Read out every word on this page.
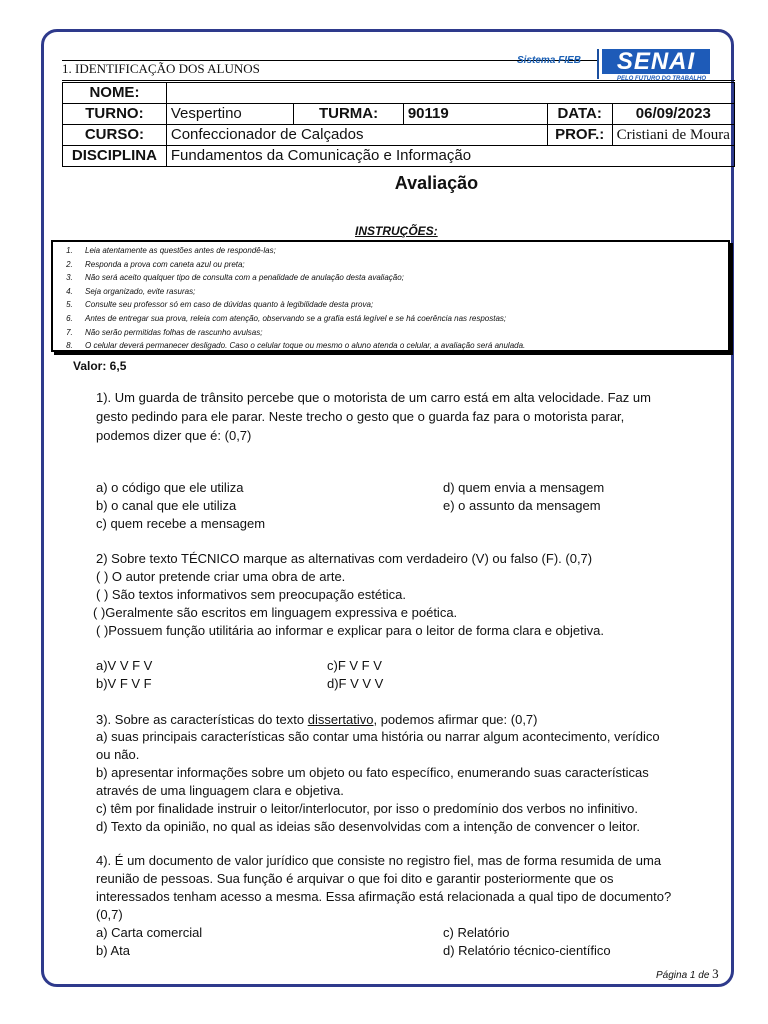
1. IDENTIFICAÇÃO DOS ALUNOS
Sistema FIEB	SENAI
PELO FUTURO DO TRABALHO
NOME:					
TURNO:	Vespertino	TURMA:	90119	DATA:	06/09/2023
CURSO:	Confeccionador de Calçados			PROF.:	Cristiani de Moura
DISCIPLINA	Fundamentos da Comunicação e Informação				
Avaliação
INSTRUÇÕES:
1. Leia atentamente as questões antes de respondê-las;
2. Responda a prova com caneta azul ou preta;
3. Não será aceito qualquer tipo de consulta com a penalidade de anulação desta avaliação;
4. Seja organizado, evite rasuras;
5. Consulte seu professor só em caso de dúvidas quanto à legibilidade desta prova;
6. Antes de entregar sua prova, releia com atenção, observando se a grafia está legível e se há coerência nas respostas;
7. Não serão permitidas folhas de rascunho avulsas;
8. O celular deverá permanecer desligado. Caso o celular toque ou mesmo o aluno atenda o celular, a avaliação será anulada.
Valor: 6,5
1). Um guarda de trânsito percebe que o motorista de um carro está em alta velocidade. Faz um
gesto pedindo para ele parar. Neste trecho o gesto que o guarda faz para o motorista parar,
podemos dizer que é: (0,7)
a) o código que ele utiliza
b) o canal que ele utiliza
c) quem recebe a mensagem
d) quem envia a mensagem
e) o assunto da mensagem
2) Sobre texto TÉCNICO marque as alternativas com verdadeiro (V) ou falso (F). (0,7)
( ) O autor pretende criar uma obra de arte.
( ) São textos informativos sem preocupação estética.
( )Geralmente são escritos em linguagem expressiva e poética.
( )Possuem função utilitária ao informar e explicar para o leitor de forma clara e objetiva.
a)V V F V
b)V F V F
c)F V F V
d)F V V V
3). Sobre as características do texto dissertativo, podemos afirmar que: (0,7)
a) suas principais características são contar uma história ou narrar algum acontecimento, verídico
ou não.
b) apresentar informações sobre um objeto ou fato específico, enumerando suas características
através de uma linguagem clara e objetiva.
c) têm por finalidade instruir o leitor/interlocutor, por isso o predomínio dos verbos no infinitivo.
d) Texto da opinião, no qual as ideias são desenvolvidas com a intenção de convencer o leitor.
4). É um documento de valor jurídico que consiste no registro fiel, mas de forma resumida de uma
reunião de pessoas. Sua função é arquivar o que foi dito e garantir posteriormente que os
interessados tenham acesso a mesma. Essa afirmação está relacionada a qual tipo de documento?
(0,7)
a) Carta comercial
b) Ata
c) Relatório
d) Relatório técnico-científico
Página 1 de 3
